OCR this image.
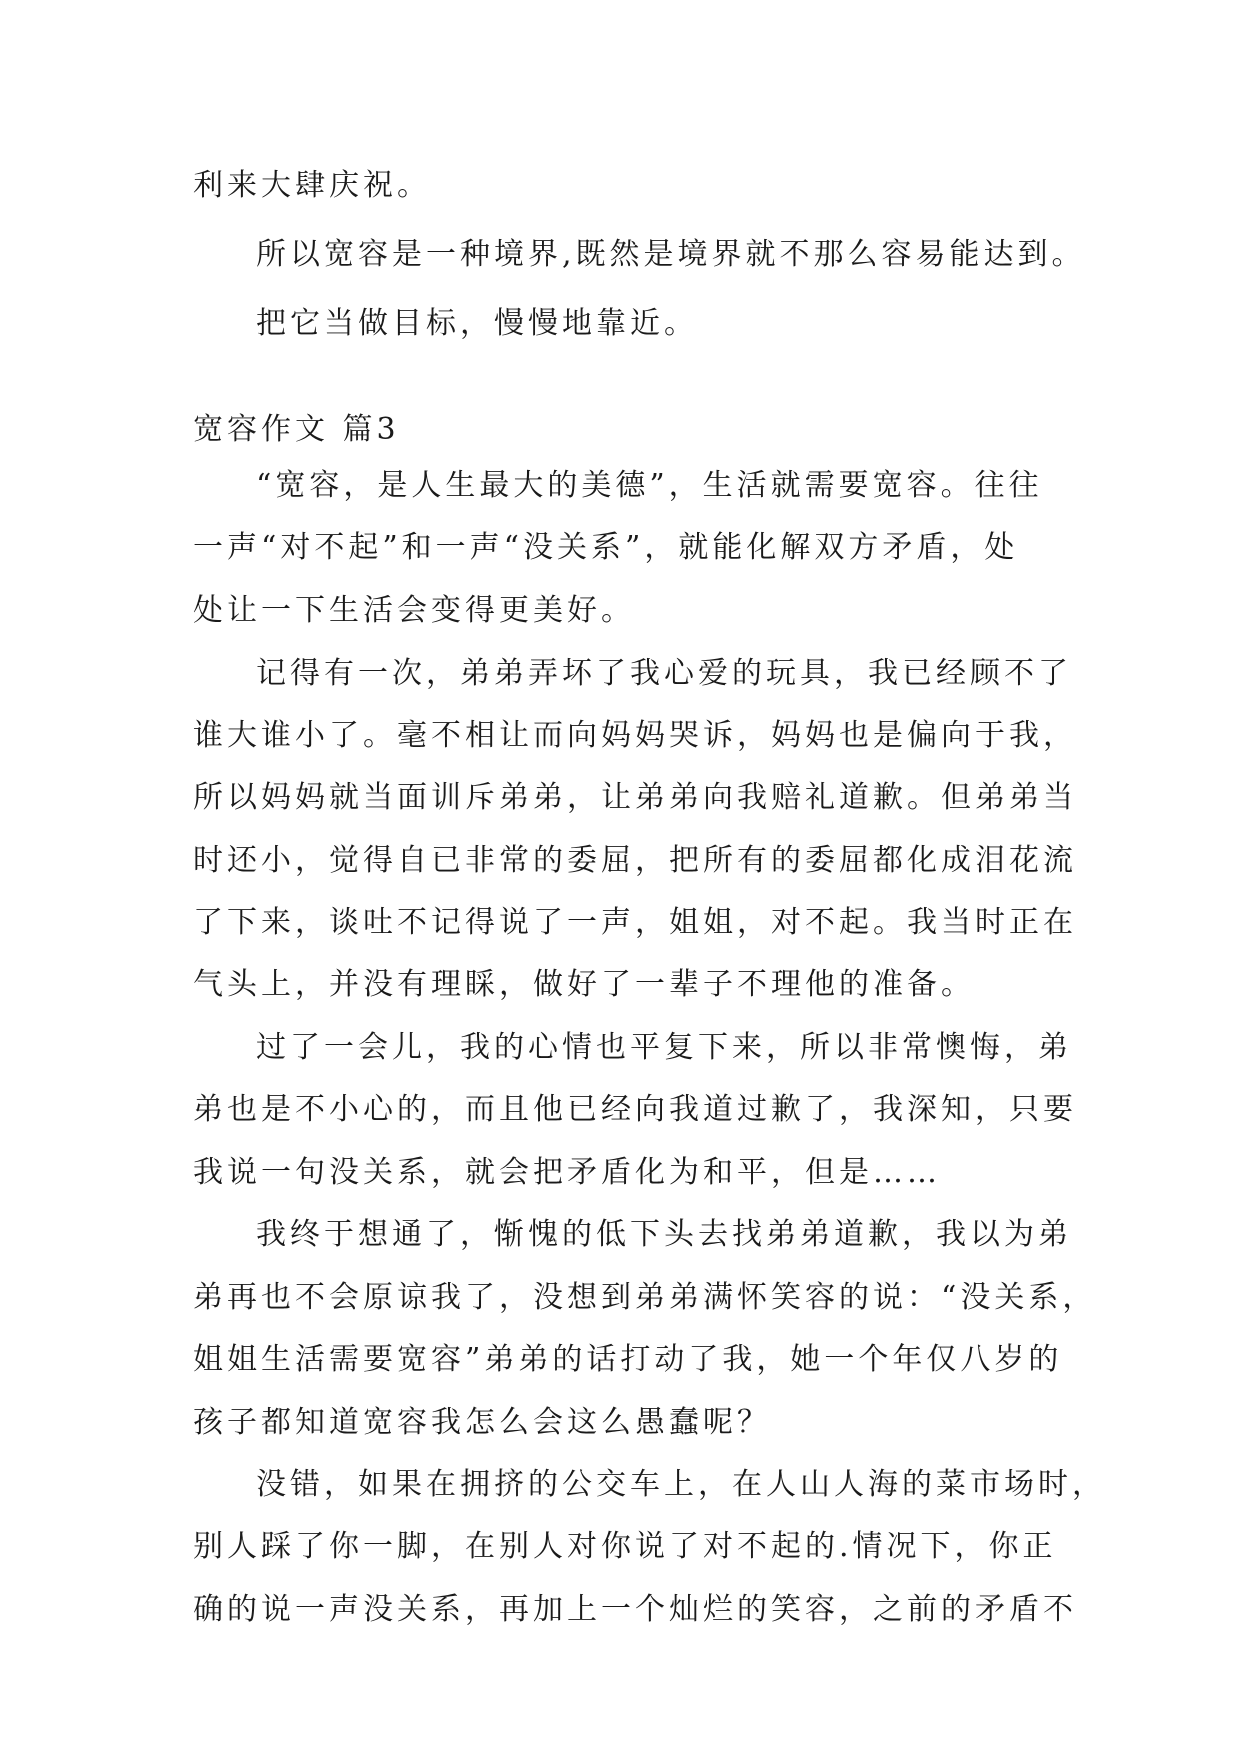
利来大肆庆祝。
所以宽容是一种境界,既然是境界就不那么容易能达到。
把它当做目标，慢慢地靠近。
宽容作文 篇3
“宽容，是人生最大的美德”，生活就需要宽容。往往
一声“对不起”和一声“没关系”，就能化解双方矛盾，处
处让一下生活会变得更美好。
记得有一次，弟弟弄坏了我心爱的玩具，我已经顾不了
谁大谁小了。毫不相让而向妈妈哭诉，妈妈也是偏向于我，
所以妈妈就当面训斥弟弟，让弟弟向我赔礼道歉。但弟弟当
时还小，觉得自已非常的委屈，把所有的委屈都化成泪花流
了下来，谈吐不记得说了一声，姐姐，对不起。我当时正在
气头上，并没有理睬，做好了一辈子不理他的准备。
过了一会儿，我的心情也平复下来，所以非常懊悔，弟
弟也是不小心的，而且他已经向我道过歉了，我深知，只要
我说一句没关系，就会把矛盾化为和平，但是……
我终于想通了，惭愧的低下头去找弟弟道歉，我以为弟
弟再也不会原谅我了，没想到弟弟满怀笑容的说：“没关系，
姐姐生活需要宽容”弟弟的话打动了我，她一个年仅八岁的
孩子都知道宽容我怎么会这么愚蠢呢？
没错，如果在拥挤的公交车上，在人山人海的菜市场时，
别人踩了你一脚，在别人对你说了对不起的.情况下，你正
确的说一声没关系，再加上一个灿烂的笑容，之前的矛盾不
